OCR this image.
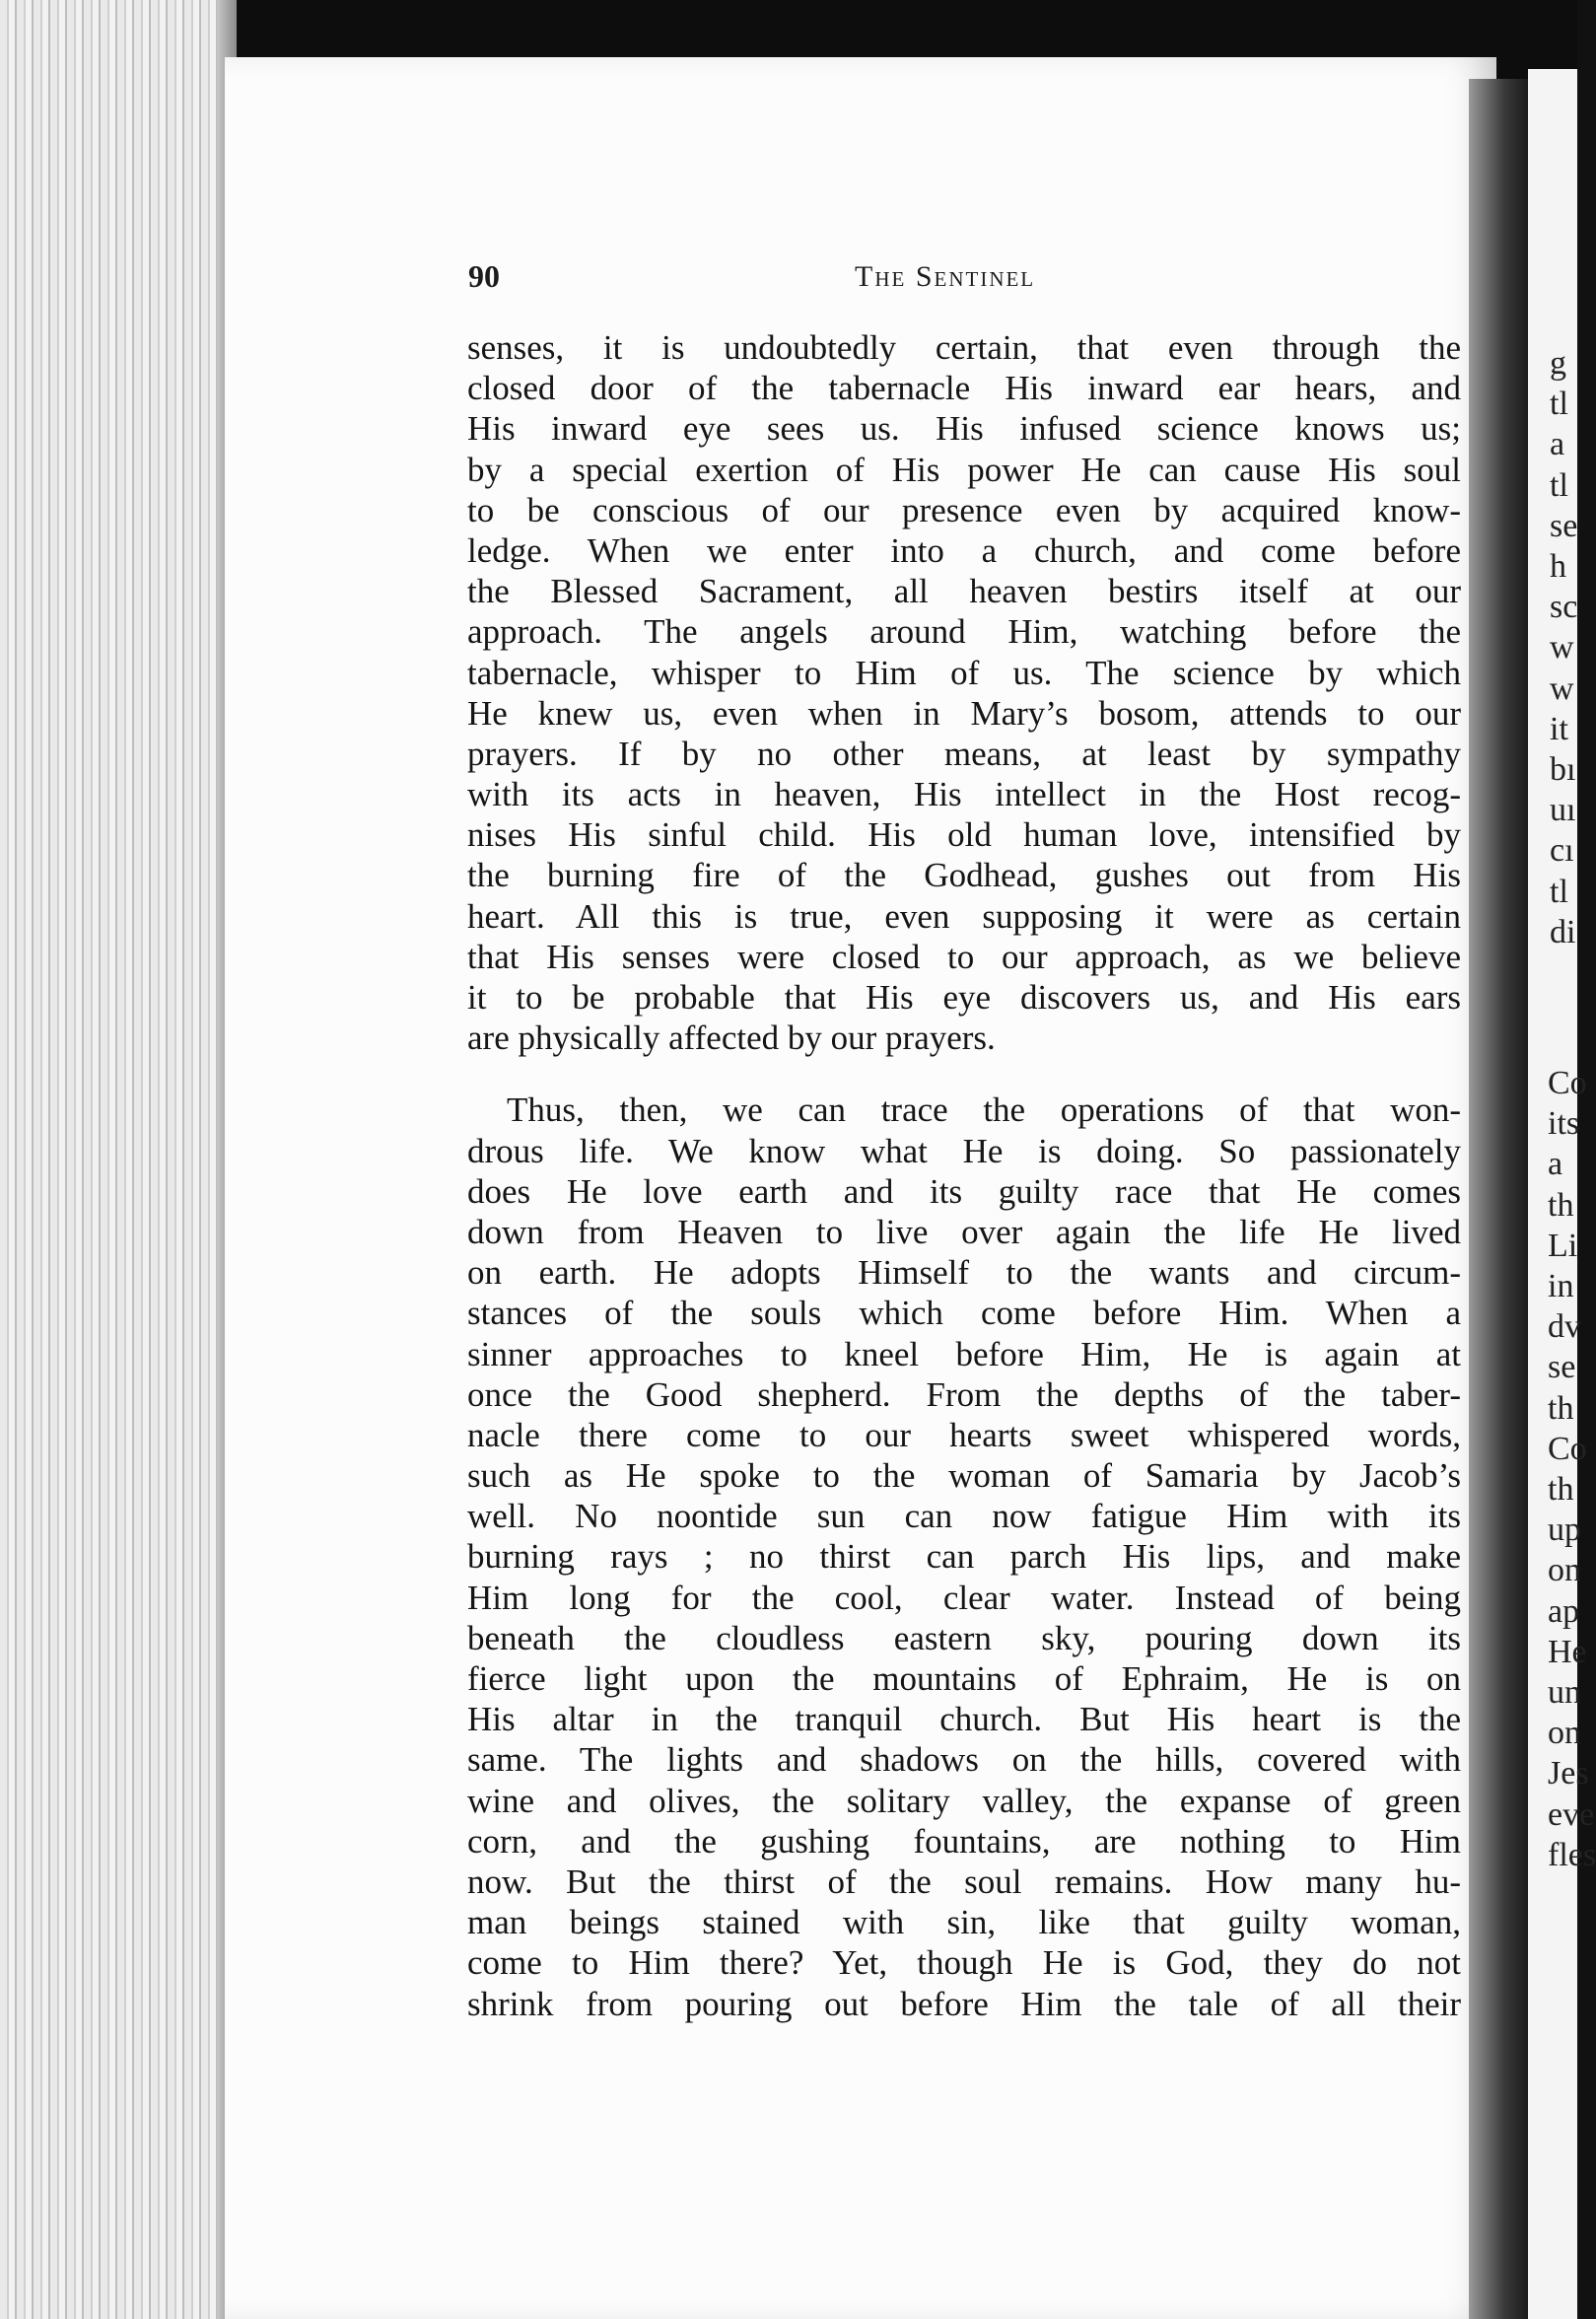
g
tl
a
tl
se
h
sc
w
w
it
bı
uı
cı
tl
di
Co
its
a
th
Li
in
dv
se
th
Co
th
up
on
ap
He
un
on
Jes
eve
fles
90	The Sentinel
senses, it is undoubtedly certain, that even through the
closed door of the tabernacle His inward ear hears, and
His inward eye sees us. His infused science knows us;
by a special exertion of His power He can cause His soul
to be conscious of our presence even by acquired know-
ledge. When we enter into a church, and come before
the Blessed Sacrament, all heaven bestirs itself at our
approach. The angels around Him, watching before the
tabernacle, whisper to Him of us. The science by which
He knew us, even when in Mary’s bosom, attends to our
prayers. If by no other means, at least by sympathy
with its acts in heaven, His intellect in the Host recog-
nises His sinful child. His old human love, intensified by
the burning fire of the Godhead, gushes out from His
heart. All this is true, even supposing it were as certain
that His senses were closed to our approach, as we believe
it to be probable that His eye discovers us, and His ears
are physically affected by our prayers.
Thus, then, we can trace the operations of that won-
drous life. We know what He is doing. So passionately
does He love earth and its guilty race that He comes
down from Heaven to live over again the life He lived
on earth. He adopts Himself to the wants and circum-
stances of the souls which come before Him. When a
sinner approaches to kneel before Him, He is again at
once the Good shepherd. From the depths of the taber-
nacle there come to our hearts sweet whispered words,
such as He spoke to the woman of Samaria by Jacob’s
well. No noontide sun can now fatigue Him with its
burning rays ; no thirst can parch His lips, and make
Him long for the cool, clear water. Instead of being
beneath the cloudless eastern sky, pouring down its
fierce light upon the mountains of Ephraim, He is on
His altar in the tranquil church. But His heart is the
same. The lights and shadows on the hills, covered with
wine and olives, the solitary valley, the expanse of green
corn, and the gushing fountains, are nothing to Him
now. But the thirst of the soul remains. How many hu-
man beings stained with sin, like that guilty woman,
come to Him there? Yet, though He is God, they do not
shrink from pouring out before Him the tale of all their
